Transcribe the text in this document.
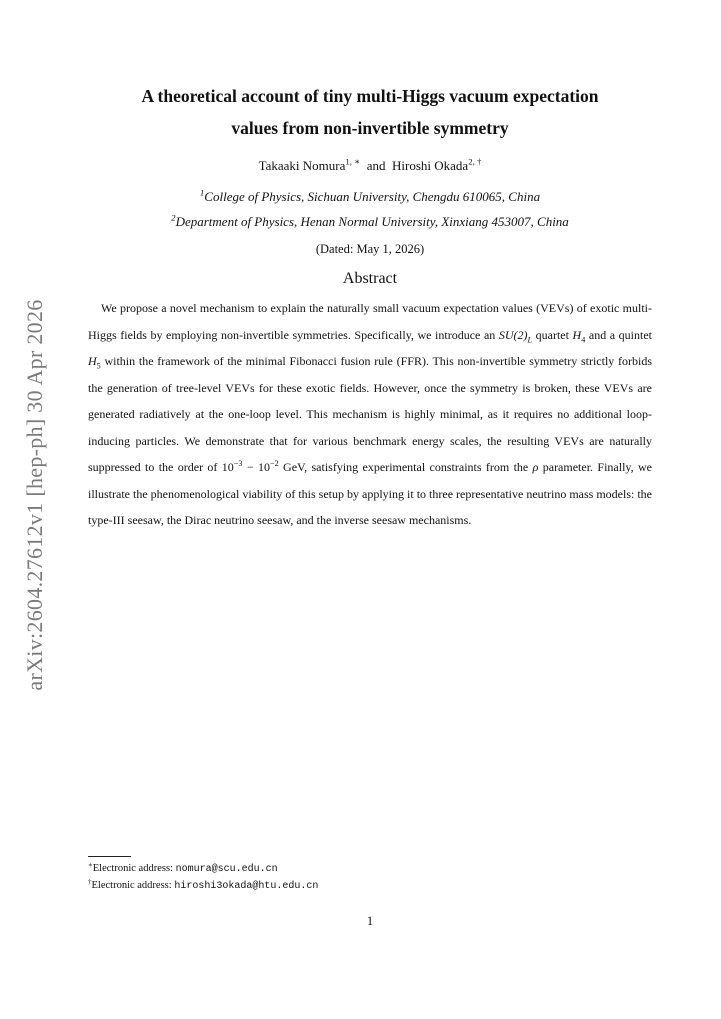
arXiv:2604.27612v1 [hep-ph] 30 Apr 2026
A theoretical account of tiny multi-Higgs vacuum expectation
values from non-invertible symmetry
Takaaki Nomura$^{1, ∗}$ and Hiroshi Okada$^{2, \dagger}$
$^1$College of Physics, Sichuan University, Chengdu 610065, China
$^2$Department of Physics, Henan Normal University, Xinxiang 453007, China
(Dated: May 1, 2026)
Abstract

We propose a novel mechanism to explain the naturally small vacuum expectation values (VEVs) of exotic multi-Higgs fields by employing non-invertible symmetries. Specifically, we introduce an $SU(2)_L$ quartet $H_4$ and a quintet $H_5$ within the framework of the minimal Fibonacci fusion rule (FFR). This non-invertible symmetry strictly forbids the generation of tree-level VEVs for these exotic fields. However, once the symmetry is broken, these VEVs are generated radiatively at the one-loop level. This mechanism is highly minimal, as it requires no additional loop-inducing particles. We demonstrate that for various benchmark energy scales, the resulting VEVs are naturally suppressed to the order of $10^{-3} - 10^{-2}$ GeV, satisfying experimental constraints from the ρ parameter. Finally, we illustrate the phenomenological viability of this setup by applying it to three representative neutrino mass models: the type-III seesaw, the Dirac neutrino seesaw, and the inverse seesaw mechanisms.

∗Electronic address: nomura@scu.edu.cn
†Electronic address: hiroshi3okada@htu.edu.cn
1
